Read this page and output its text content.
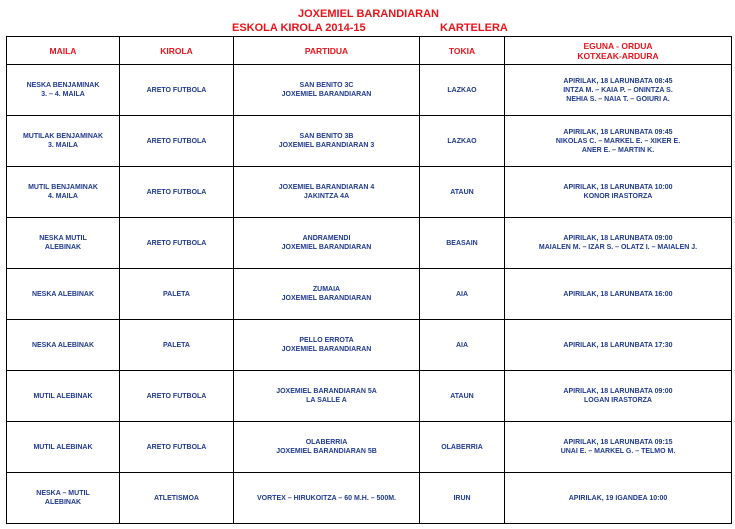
JOXEMIEL BARANDIARAN
ESKOLA KIROLA 2014-15	KARTELERA
MAILA	KIROLA	PARTIDUA	TOKIA	EGUNA - ORDUA
KOTXEAK-ARDURA

NESKA BENJAMINAK
3. – 4. MAILA	ARETO FUTBOLA	SAN BENITO 3C
JOXEMIEL BARANDIARAN	LAZKAO	APIRILAK, 18 LARUNBATA 08:45
INTZA M. – KAIA P. – ONINTZA S.
NEHIA S. – NAIA T. – GOIURI A.

MUTILAK BENJAMINAK
3. MAILA	ARETO FUTBOLA	SAN BENITO 3B
JOXEMIEL BARANDIARAN 3	LAZKAO	APIRILAK, 18 LARUNBATA 09:45
NIKOLAS C. – MARKEL E. – XIKER E.
ANER E. – MARTIN K.

MUTIL BENJAMINAK
4. MAILA	ARETO FUTBOLA	JOXEMIEL BARANDIARAN 4
JAKINTZA 4A	ATAUN	APIRILAK, 18 LARUNBATA 10:00
KONOR IRASTORZA

NESKA MUTIL
ALEBINAK	ARETO FUTBOLA	ANDRAMENDI
JOXEMIEL BARANDIARAN	BEASAIN	APIRILAK, 18 LARUNBATA 09:00
MAIALEN M. – IZAR S. – OLATZ I. – MAIALEN J.

NESKA ALEBINAK	PALETA	ZUMAIA
JOXEMIEL BARANDIARAN	AIA	APIRILAK, 18 LARUNBATA 16:00

NESKA ALEBINAK	PALETA	PELLO ERROTA
JOXEMIEL BARANDIARAN	AIA	APIRILAK, 18 LARUNBATA 17:30

MUTIL ALEBINAK	ARETO FUTBOLA	JOXEMIEL BARANDIARAN 5A
LA SALLE A	ATAUN	APIRILAK, 18 LARUNBATA 09:00
LOGAN IRASTORZA

MUTIL ALEBINAK	ARETO FUTBOLA	OLABERRIA
JOXEMIEL BARANDIARAN 5B	OLABERRIA	APIRILAK, 18 LARUNBATA 09:15
UNAI E. – MARKEL G. – TELMO M.

NESKA – MUTIL
ALEBINAK	ATLETISMOA	VORTEX – HIRUKOITZA – 60 M.H. – 500M.	IRUN	APIRILAK, 19 IGANDEA 10:00
